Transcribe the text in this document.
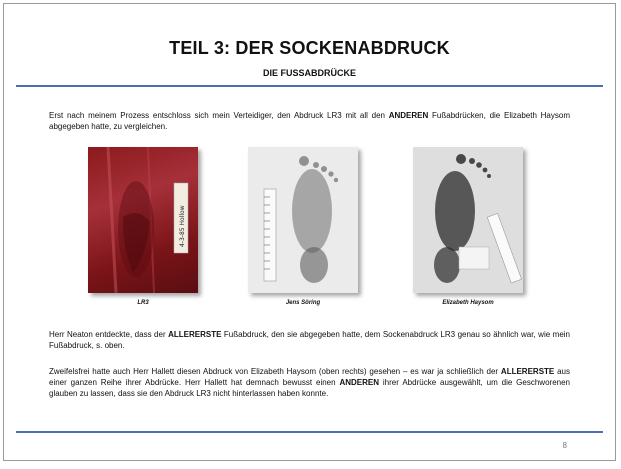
TEIL 3: DER SOCKENABDRUCK
DIE FUSSABDRÜCKE
Erst nach meinem Prozess entschloss sich mein Verteidiger, den Abdruck LR3 mit all den ANDEREN Fußabdrücken, die Elizabeth Haysom abgegeben hatte, zu vergleichen.
4-3-85 Hollow
LR3	Jens Söring	Elizabeth Haysom
Herr Neaton entdeckte, dass der ALLERERSTE Fußabdruck, den sie abgegeben hatte, dem Sockenabdruck LR3 genau so ähnlich war, wie mein Fußabdruck, s. oben.
Zweifelsfrei hatte auch Herr Hallett diesen Abdruck von Elizabeth Haysom (oben rechts) gesehen – es war ja schließlich der ALLERERSTE aus einer ganzen Reihe ihrer Abdrücke. Herr Hallett hat demnach bewusst einen ANDEREN ihrer Abdrücke ausgewählt, um die Geschworenen glauben zu lassen, dass sie den Abdruck LR3 nicht hinterlassen haben konnte.
8
